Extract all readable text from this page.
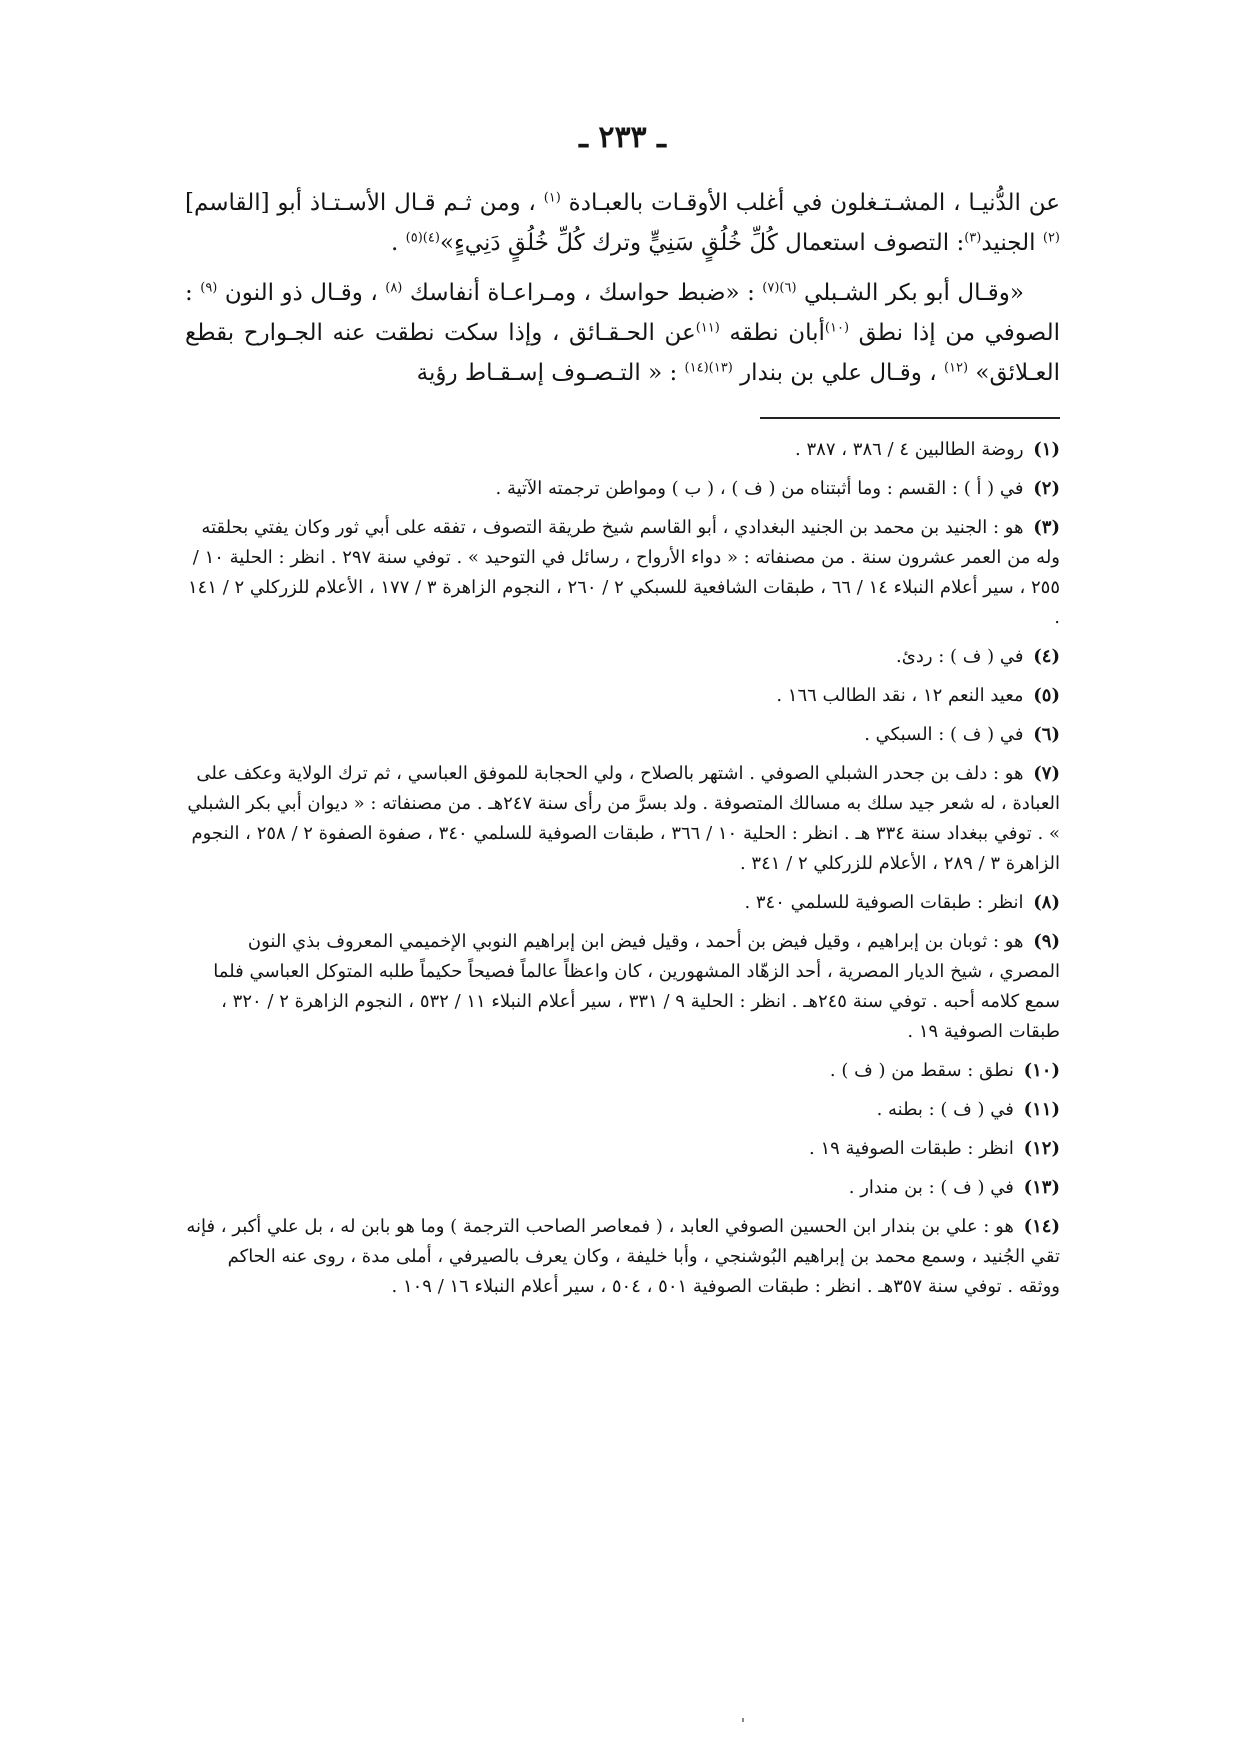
ـ ٢٣٣ ـ

عن الدُّنيـا ، المشـتـغلون في أغلب الأوقـات بالعبـادة $^{(١)}$ ، ومن ثـم قـال الأسـتـاذ أبو [القاسم]$^{(٢)}$ الجنيد$^{(٣)}$: التصوف استعمال كُلِّ خُلُقٍ سَنِيٍّ وترك كُلِّ خُلُقٍ دَنِيءٍ»$^{(٤)(٥)}$ .

«وقـال أبو بكر الشـبلي $^{(٦)(٧)}$ : «ضبط حواسك ، ومـراعـاة أنفاسك $^{(٨)}$ ، وقـال ذو النون $^{(٩)}$ : الصوفي من إذا نطق $^{(١٠)}$أبان نطقه $^{(١١)}$عن الحـقـائق ، وإذا سكت نطقت عنه الجـوارح بقطع العـلائق» $^{(١٢)}$ ، وقـال علي بن بندار $^{(١٣)(١٤)}$ : « التـصـوف إسـقـاط رؤية

(١) روضة الطالبين ٤ / ٣٨٦ ، ٣٨٧ .

(٢) في ( أ ) : القسم : وما أثبتناه من ( ف ) ، ( ب ) ومواطن ترجمته الآتية .

(٣) هو : الجنيد بن محمد بن الجنيد البغدادي ، أبو القاسم شيخ طريقة التصوف ، تفقه على أبي ثور وكان يفتي بحلقته وله من العمر عشرون سنة . من مصنفاته : « دواء الأرواح ، رسائل في التوحيد » . توفي سنة ٢٩٧ . انظر : الحلية ١٠ / ٢٥٥ ، سير أعلام النبلاء ١٤ / ٦٦ ، طبقات الشافعية للسبكي ٢ / ٢٦٠ ، النجوم الزاهرة ٣ / ١٧٧ ، الأعلام للزركلي ٢ / ١٤١ .

(٤) في ( ف ) : ردئ.

(٥) معيد النعم ١٢ ، نقد الطالب ١٦٦ .

(٦) في ( ف ) : السبكي .

(٧) هو : دلف بن جحدر الشبلي الصوفي . اشتهر بالصلاح ، ولي الحجابة للموفق العباسي ، ثم ترك الولاية وعكف على العبادة ، له شعر جيد سلك به مسالك المتصوفة . ولد بسرَّ من رأى سنة ٢٤٧هـ . من مصنفاته : « ديوان أبي بكر الشبلي » . توفي ببغداد سنة ٣٣٤ هـ . انظر : الحلية ١٠ / ٣٦٦ ، طبقات الصوفية للسلمي ٣٤٠ ، صفوة الصفوة ٢ / ٢٥٨ ، النجوم الزاهرة ٣ / ٢٨٩ ، الأعلام للزركلي ٢ / ٣٤١ .

(٨) انظر : طبقات الصوفية للسلمي ٣٤٠ .

(٩) هو : ثوبان بن إبراهيم ، وقيل فيض بن أحمد ، وقيل فيض ابن إبراهيم النوبي الإخميمي المعروف بذي النون المصري ، شيخ الديار المصرية ، أحد الزهّاد المشهورين ، كان واعظاً عالماً فصيحاً حكيماً طلبه المتوكل العباسي فلما سمع كلامه أحبه . توفي سنة ٢٤٥هـ . انظر : الحلية ٩ / ٣٣١ ، سير أعلام النبلاء ١١ / ٥٣٢ ، النجوم الزاهرة ٢ / ٣٢٠ ، طبقات الصوفية ١٩ .

(١٠) نطق : سقط من ( ف ) .

(١١) في ( ف ) : بطنه .

(١٢) انظر : طبقات الصوفية ١٩ .

(١٣) في ( ف ) : بن مندار .

(١٤) هو : علي بن بندار ابن الحسين الصوفي العابد ، ( فمعاصر الصاحب الترجمة ) وما هو بابن له ، بل علي أكبر ، فإنه تقي الجُنيد ، وسمع محمد بن إبراهيم البُوشنجي ، وأبا خليفة ، وكان يعرف بالصيرفي ، أملى مدة ، روى عنه الحاكم ووثقه . توفي سنة ٣٥٧هـ . انظر : طبقات الصوفية ٥٠١ ، ٥٠٤ ، سير أعلام النبلاء ١٦ / ١٠٩ .
